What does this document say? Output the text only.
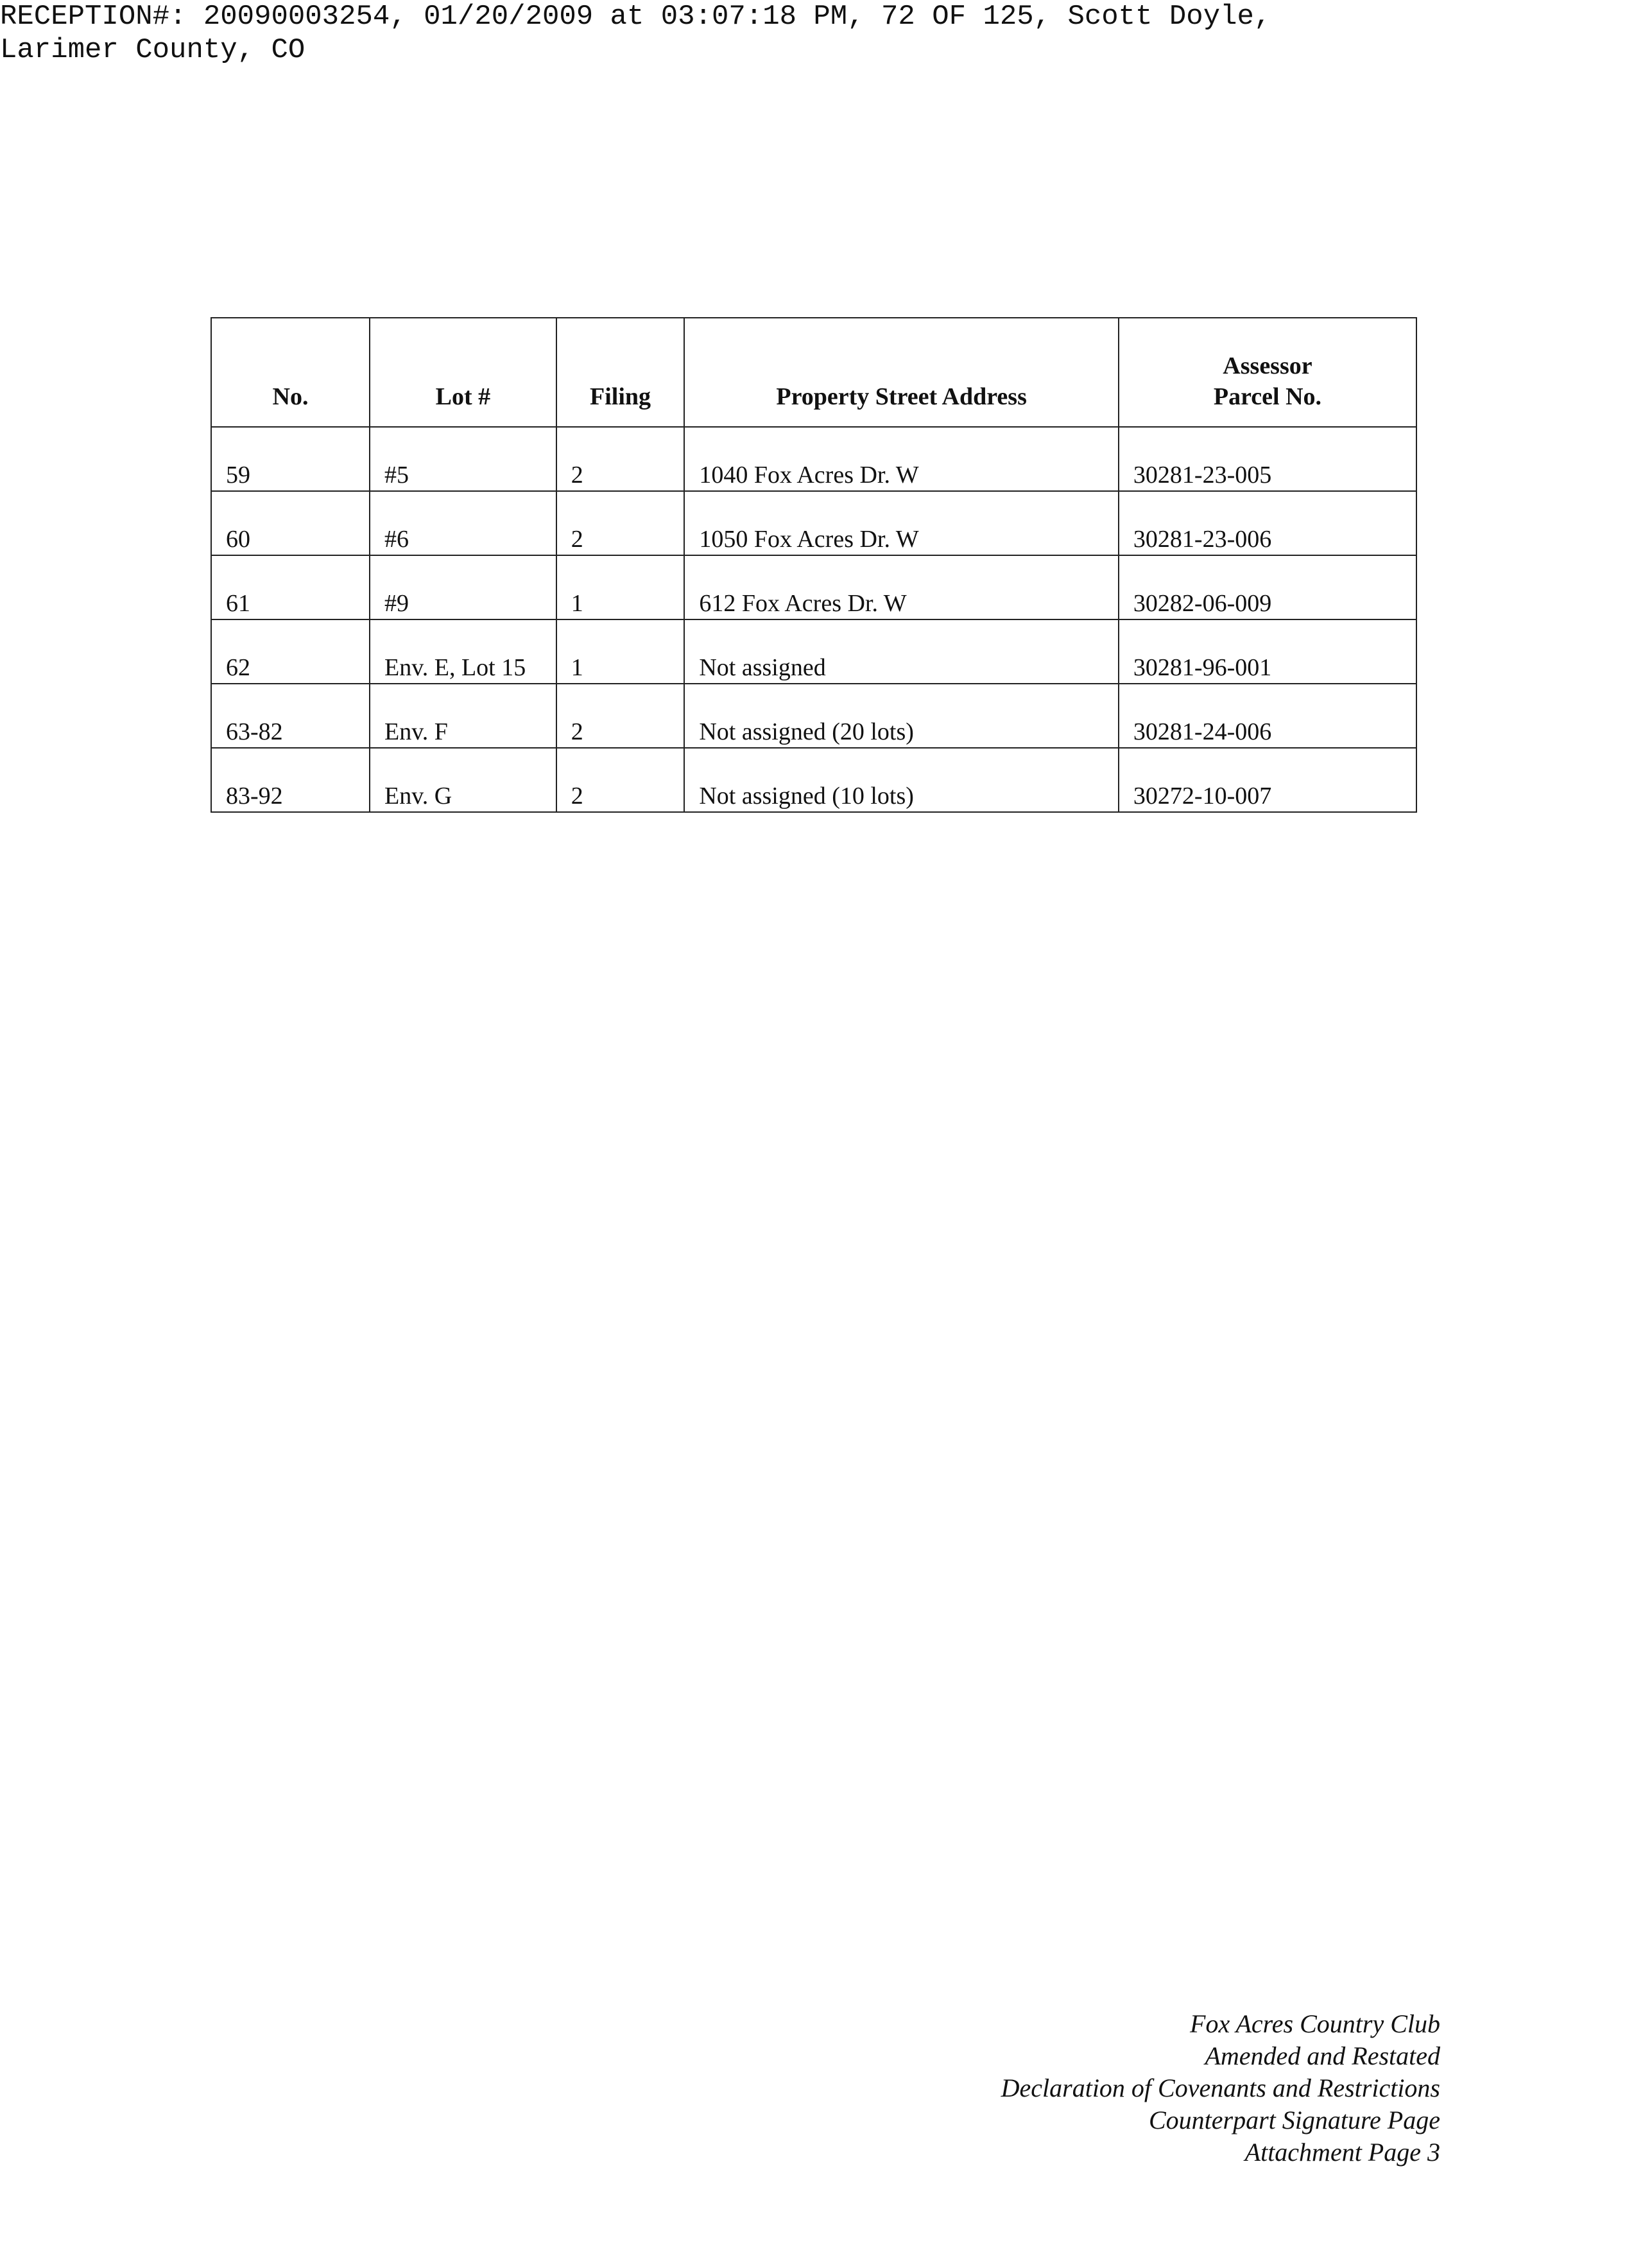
RECEPTION#: 20090003254, 01/20/2009 at 03:07:18 PM, 72 OF 125, Scott Doyle,
Larimer County, CO
No.	Lot #	Filing	Property Street Address	Assessor
Parcel No.
59	#5	2	1040 Fox Acres Dr. W	30281-23-005
60	#6	2	1050 Fox Acres Dr. W	30281-23-006
61	#9	1	612 Fox Acres Dr. W	30282-06-009
62	Env. E, Lot 15	1	Not assigned	30281-96-001
63-82	Env. F	2	Not assigned (20 lots)	30281-24-006
83-92	Env. G	2	Not assigned (10 lots)	30272-10-007
Fox Acres Country Club
Amended and Restated
Declaration of Covenants and Restrictions
Counterpart Signature Page
Attachment Page 3
